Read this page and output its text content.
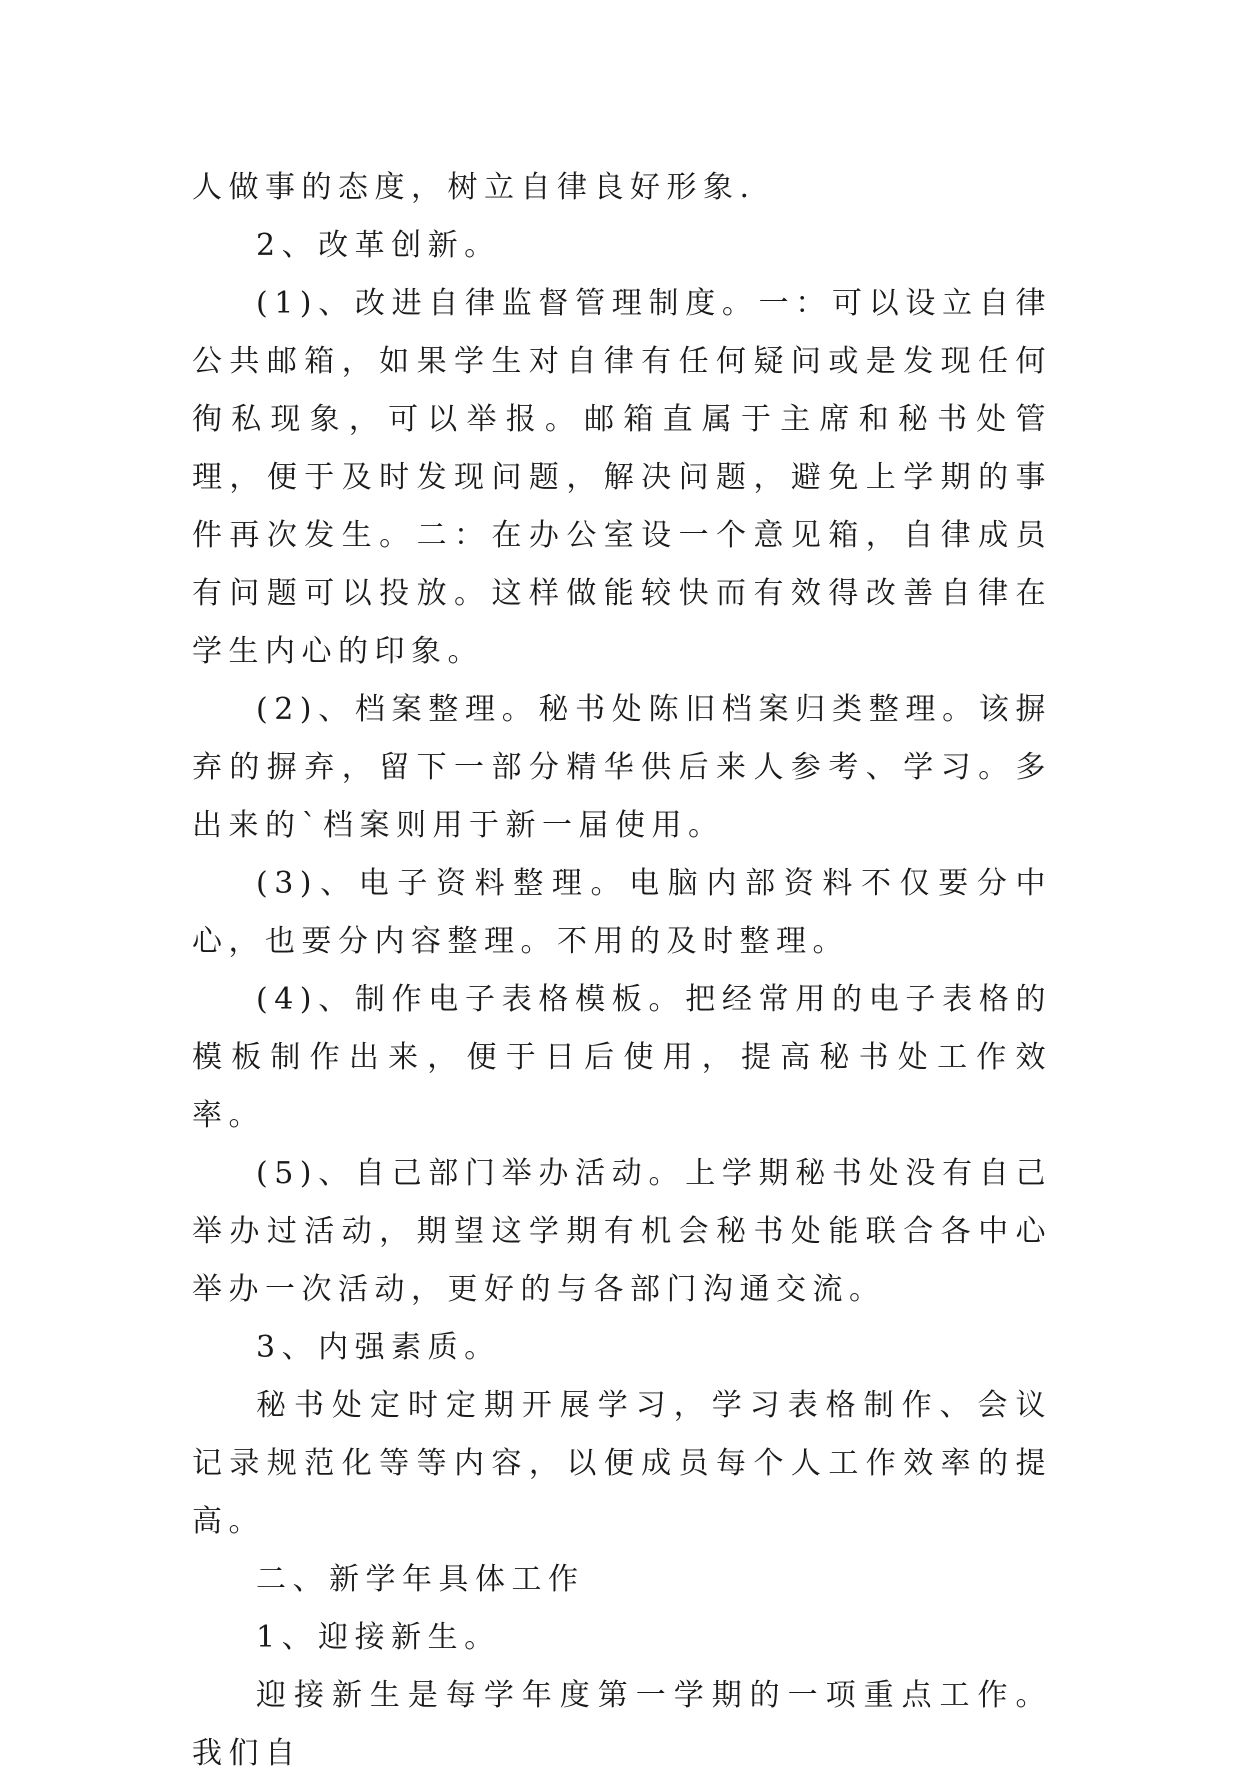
人做事的态度，树立自律良好形象.

2、改革创新。

(1)、改进自律监督管理制度。一：可以设立自律公共邮箱，如果学生对自律有任何疑问或是发现任何徇私现象，可以举报。邮箱直属于主席和秘书处管理，便于及时发现问题，解决问题，避免上学期的事件再次发生。二：在办公室设一个意见箱，自律成员有问题可以投放。这样做能较快而有效得改善自律在学生内心的印象。

(2)、档案整理。秘书处陈旧档案归类整理。该摒弃的摒弃，留下一部分精华供后来人参考、学习。多出来的`档案则用于新一届使用。

(3)、电子资料整理。电脑内部资料不仅要分中心，也要分内容整理。不用的及时整理。

(4)、制作电子表格模板。把经常用的电子表格的模板制作出来，便于日后使用，提高秘书处工作效率。

(5)、自己部门举办活动。上学期秘书处没有自己举办过活动，期望这学期有机会秘书处能联合各中心举办一次活动，更好的与各部门沟通交流。

3、内强素质。

秘书处定时定期开展学习，学习表格制作、会议记录规范化等等内容，以便成员每个人工作效率的提高。

二、新学年具体工作

1、迎接新生。

迎接新生是每学年度第一学期的一项重点工作。我们自
